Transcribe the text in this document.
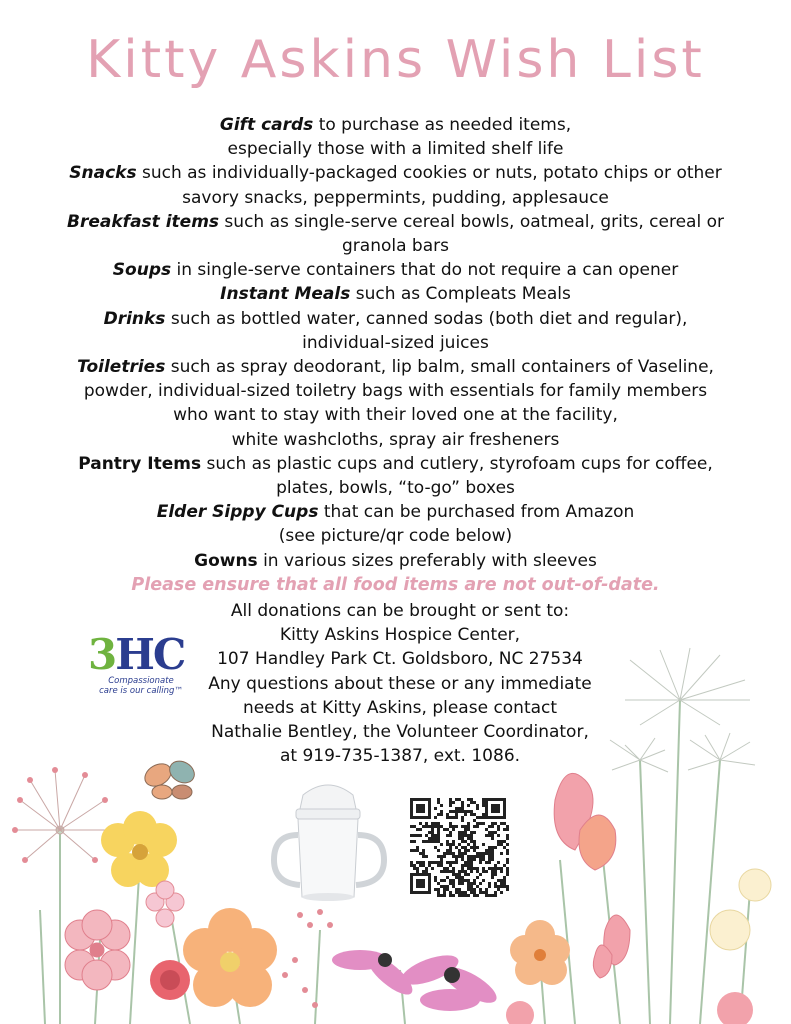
Kitty Askins Wish List
Gift cards to purchase as needed items,
especially those with a limited shelf life
Snacks such as individually-packaged cookies or nuts, potato chips or other
savory snacks, peppermints, pudding, applesauce
Breakfast items such as single-serve cereal bowls, oatmeal, grits, cereal or
granola bars
Soups in single-serve containers that do not require a can opener
Instant Meals such as Compleats Meals
Drinks such as bottled water, canned sodas (both diet and regular),
individual-sized juices
Toiletries such as spray deodorant, lip balm, small containers of Vaseline,
powder, individual-sized toiletry bags with essentials for family members
who want to stay with their loved one at the facility,
white washcloths, spray air fresheners
Pantry Items such as plastic cups and cutlery, styrofoam cups for coffee,
plates, bowls, “to-go” boxes
Elder Sippy Cups that can be purchased from Amazon
(see picture/qr code below)
Gowns in various sizes preferably with sleeves
Please ensure that all food items are not out-of-date.
All donations can be brought or sent to:
Kitty Askins Hospice Center,
107 Handley Park Ct. Goldsboro, NC 27534
Any questions about these or any immediate
needs at Kitty Askins, please contact
Nathalie Bentley, the Volunteer Coordinator,
at 919-735-1387, ext. 1086.
3HC
Compassionate
care is our calling™
